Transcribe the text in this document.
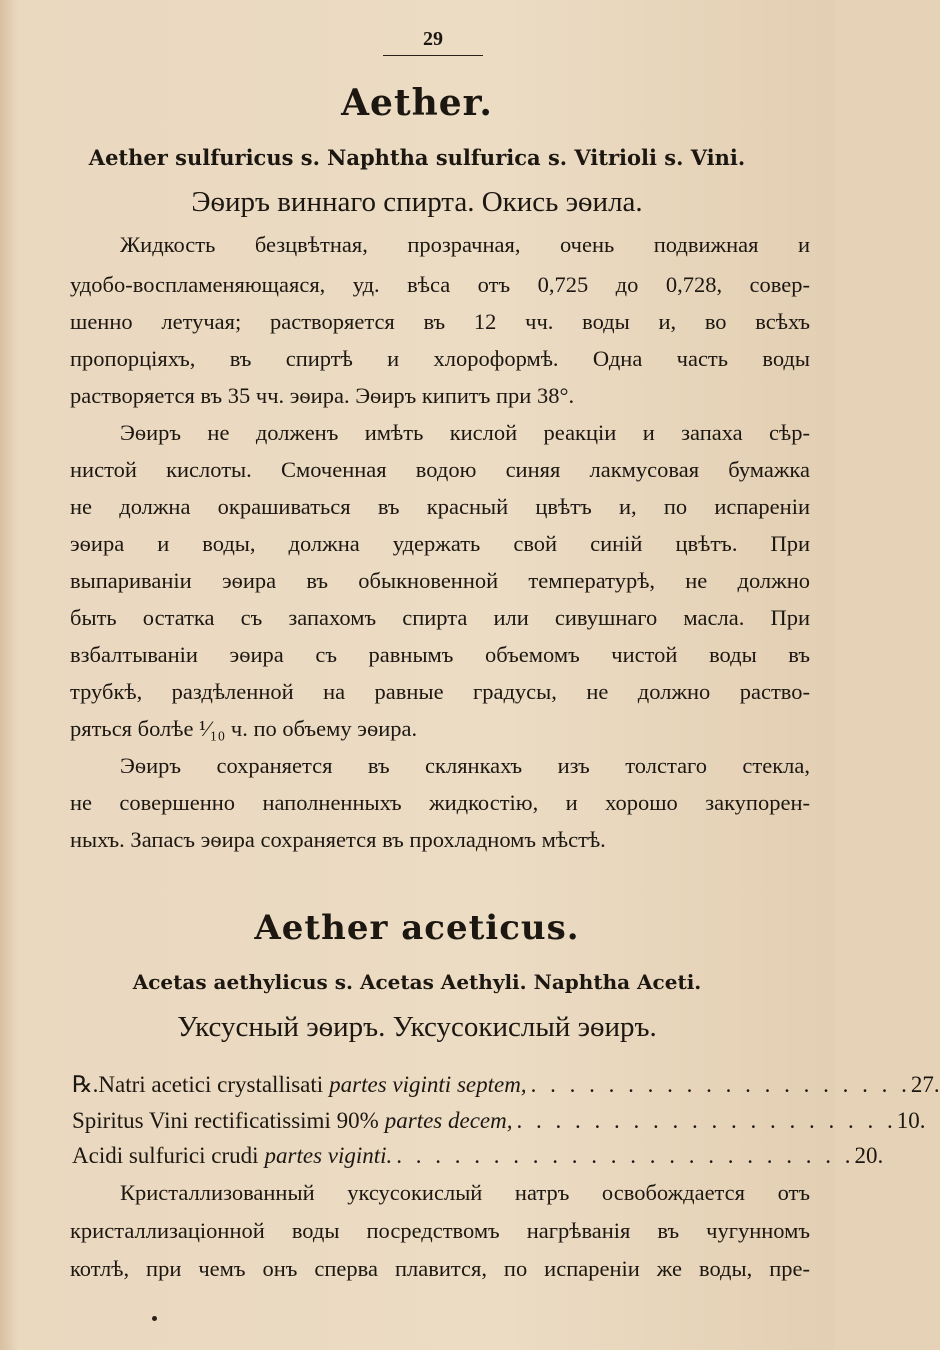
29
Aether.
Aether sulfuricus s. Naphtha sulfurica s. Vitrioli s. Vini.
Эѳиръ виннаго спирта. Окись эѳила.
Жидкость безцвѣтная, прозрачная, очень подвижная и
удобо-воспламеняющаяся, уд. вѣса отъ 0,725 до 0,728, совер-
шенно летучая; растворяется въ 12 чч. воды и, во всѣхъ
пропорціяхъ, въ спиртѣ и хлороформѣ. Одна часть воды
растворяется въ 35 чч. эѳира. Эѳиръ кипитъ при 38°.
Эѳиръ не долженъ имѣть кислой реакціи и запаха сѣр-
нистой кислоты. Смоченная водою синяя лакмусовая бумажка
не должна окрашиваться въ красный цвѣтъ и, по испареніи
эѳира и воды, должна удержать свой синій цвѣтъ. При
выпариваніи эѳира въ обыкновенной температурѣ, не должно
быть остатка съ запахомъ спирта или сивушнаго масла. При
взбалтываніи эѳира съ равнымъ объемомъ чистой воды въ
трубкѣ, раздѣленной на равные градусы, не должно раство-
ряться болѣе ¹⁄₁₀ ч. по объему эѳира.
Эѳиръ сохраняется въ склянкахъ изъ толстаго стекла,
не совершенно наполненныхъ жидкостію, и хорошо закупорен-
ныхъ. Запасъ эѳира сохраняется въ прохладномъ мѣстѣ.
Aether aceticus.
Acetas aethylicus s. Acetas Aethyli. Naphtha Aceti.
Уксусный эѳиръ. Уксусокислый эѳиръ.
℞. Natri acetici crystallisati partes viginti septem, . . . . . . . . . . . . . . . . . . . . 27.
Spiritus Vini rectificatissimi 90% partes decem, . . . . . . . . . . . . . . . . . . . . 10.
Acidi sulfurici crudi partes viginti. . . . . . . . . . . . . . . . . . . . . . . . . 20.
Кристаллизованный уксусокислый натръ освобождается отъ
кристаллизаціонной воды посредствомъ нагрѣванія въ чугунномъ
котлѣ, при чемъ онъ сперва плавится, по испареніи же воды, пре-
